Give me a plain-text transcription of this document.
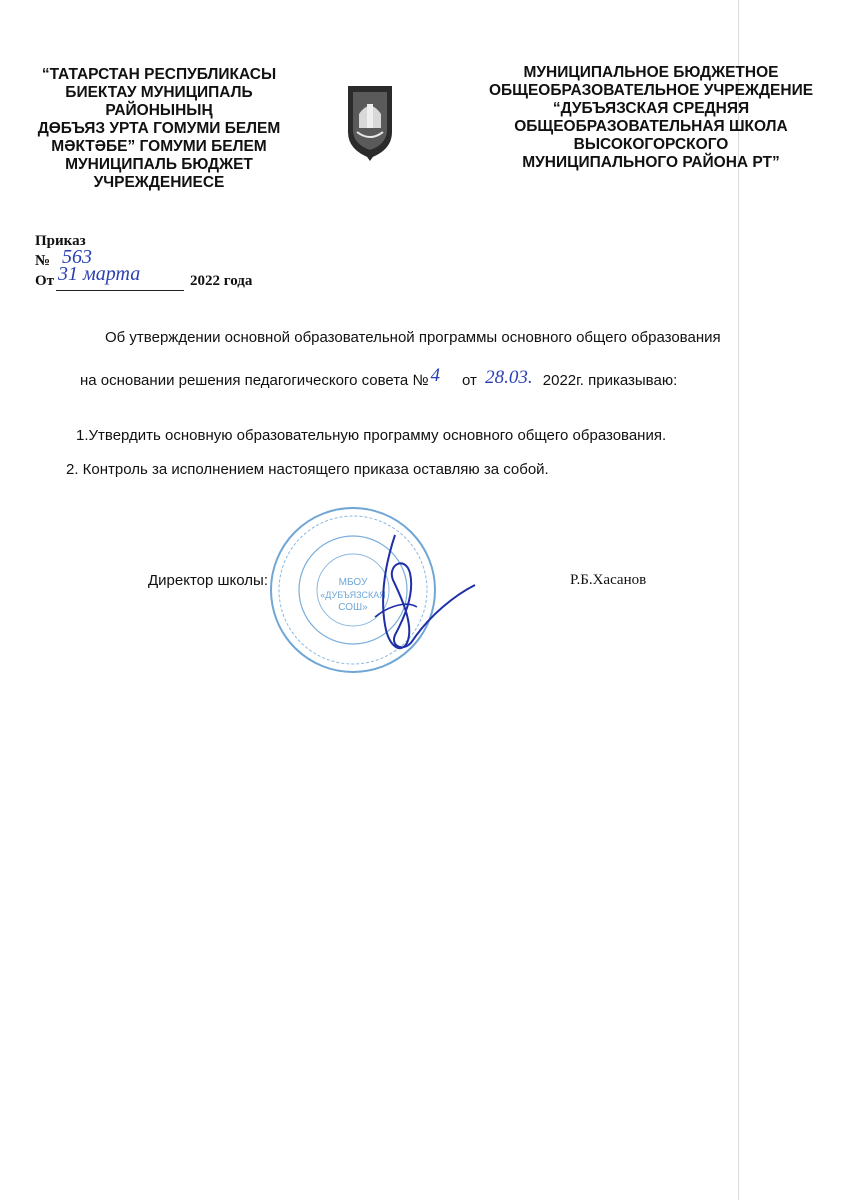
“ТАТАРСТАН РЕСПУБЛИКАСЫ
БИЕКТАУ МУНИЦИПАЛЬ
РАЙОНЫНЫҢ
ДӨБЪЯЗ УРТА ГОМУМИ БЕЛЕМ
МӘКТӘБЕ” ГОМУМИ БЕЛЕМ
МУНИЦИПАЛЬ БЮДЖЕТ
УЧРЕЖДЕНИЕСЕ
МУНИЦИПАЛЬНОЕ БЮДЖЕТНОЕ
ОБЩЕОБРАЗОВАТЕЛЬНОЕ УЧРЕЖДЕНИЕ
“ДУБЪЯЗСКАЯ СРЕДНЯЯ
ОБЩЕОБРАЗОВАТЕЛЬНАЯ ШКОЛА
ВЫСОКОГОРСКОГО
МУНИЦИПАЛЬНОГО РАЙОНА РТ”
Приказ
№ 563
От 31 марта	2022 года
Об утверждении основной образовательной программы основного общего образования
на основании решения педагогического совета № 4 от 28.03. 2022г. приказываю:
1.Утвердить основную образовательную программу основного общего образования.
2. Контроль за исполнением настоящего приказа оставляю за собой.
МБОУ
«ДУБЪЯЗСКАЯ
СОШ»
Директор школы:	Р.Б.Хасанов
